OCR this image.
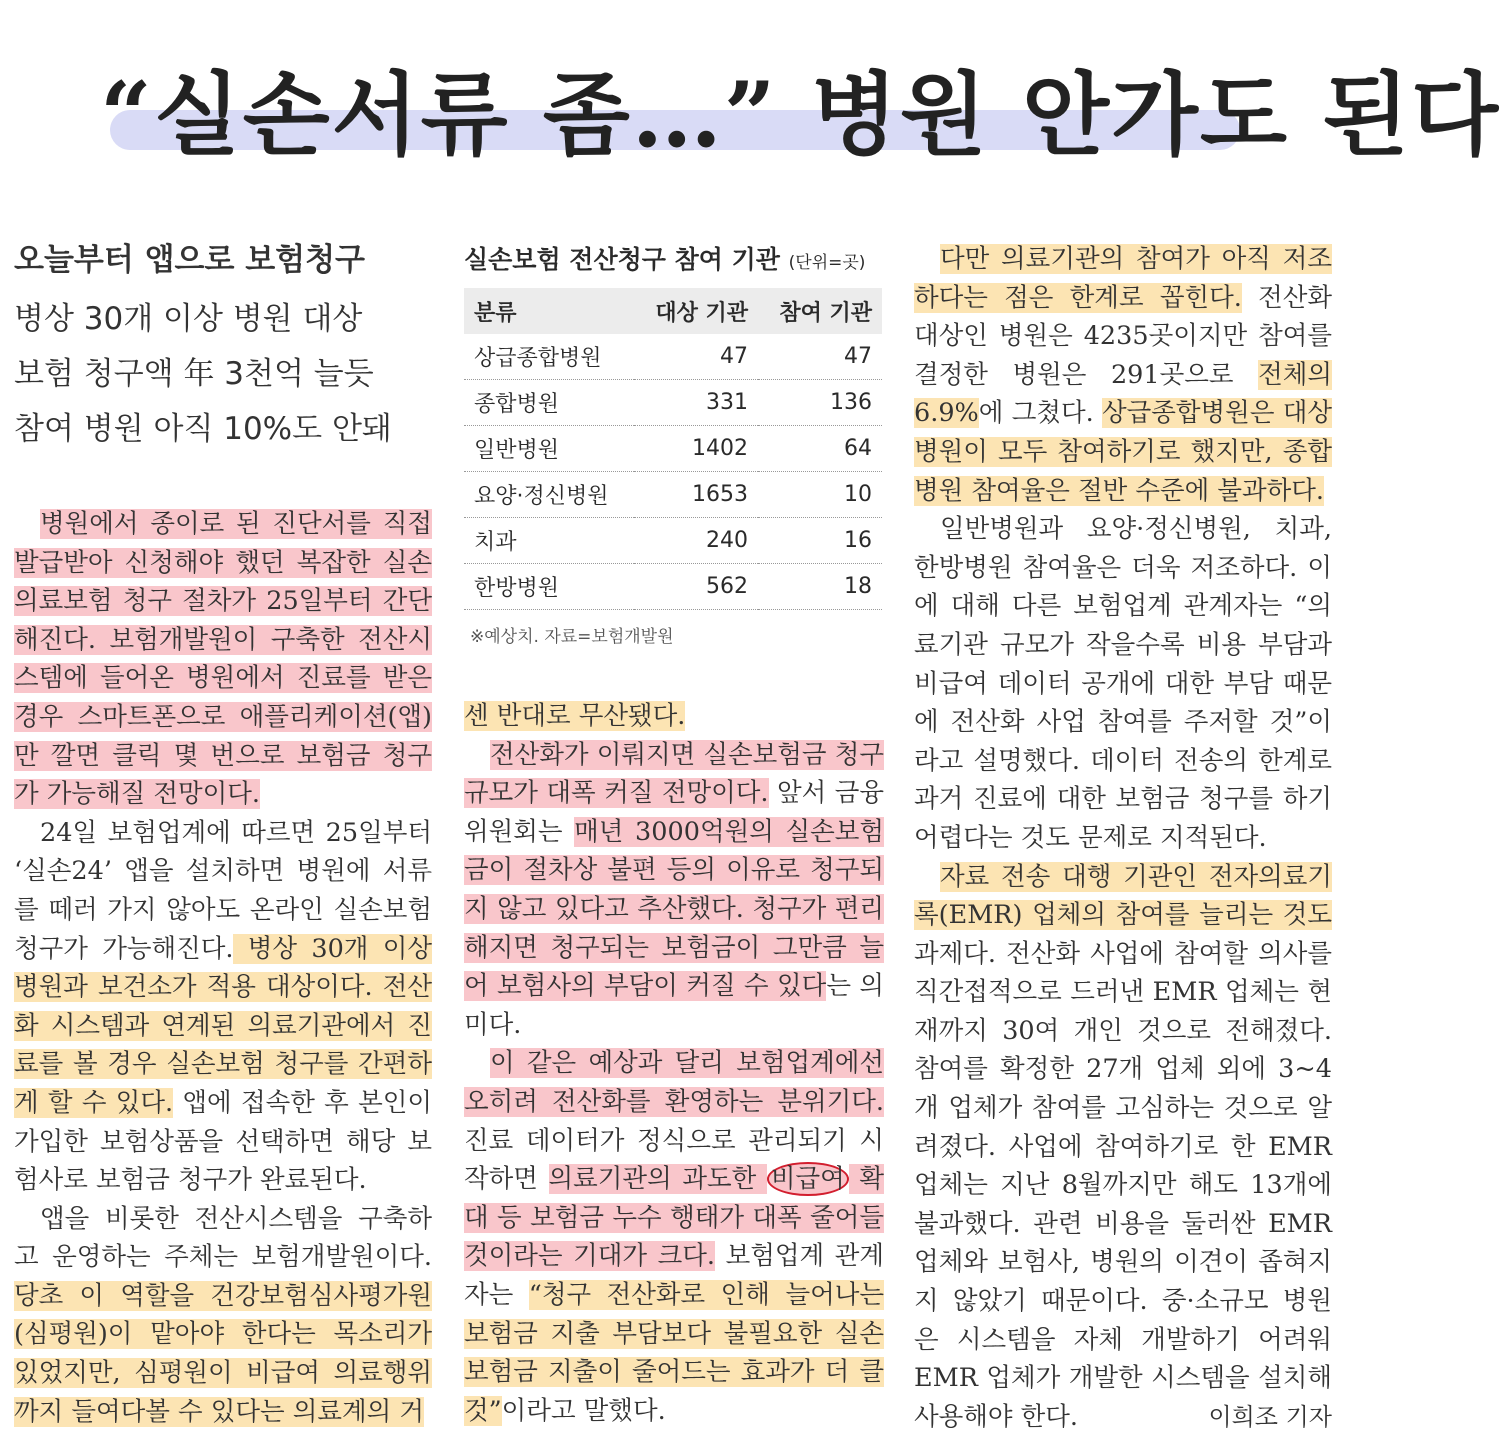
“실손서류 좀…” 병원 안가도 된다

오늘부터 앱으로 보험청구

병상 30개 이상 병원 대상

보험 청구액 年 3천억 늘듯

참여 병원 아직 10%도 안돼

병원에서 종이로 된 진단서를 직접 발급받아 신청해야 했던 복잡한 실손의료보험 청구 절차가 25일부터 간단해진다. 보험개발원이 구축한 전산시스템에 들어온 병원에서 진료를 받은 경우 스마트폰으로 애플리케이션(앱)만 깔면 클릭 몇 번으로 보험금 청구가 가능해질 전망이다.

24일 보험업계에 따르면 25일부터 ‘실손24’ 앱을 설치하면 병원에 서류를 떼러 가지 않아도 온라인 실손보험 청구가 가능해진다. 병상 30개 이상 병원과 보건소가 적용 대상이다. 전산화 시스템과 연계된 의료기관에서 진료를 볼 경우 실손보험 청구를 간편하게 할 수 있다. 앱에 접속한 후 본인이 가입한 보험상품을 선택하면 해당 보험사로 보험금 청구가 완료된다.

앱을 비롯한 전산시스템을 구축하고 운영하는 주체는 보험개발원이다. 당초 이 역할을 건강보험심사평가원(심평원)이 맡아야 한다는 목소리가 있었지만, 심평원이 비급여 의료행위까지 들여다볼 수 있다는 의료계의 거

실손보험 전산청구 참여 기관 (단위=곳)

분류	대상 기관	참여 기관
상급종합병원	47	47
종합병원	331	136
일반병원	1402	64
요양·정신병원	1653	10
치과	240	16
한방병원	562	18

※예상치. 자료=보험개발원

센 반대로 무산됐다.

전산화가 이뤄지면 실손보험금 청구 규모가 대폭 커질 전망이다. 앞서 금융위원회는 매년 3000억원의 실손보험금이 절차상 불편 등의 이유로 청구되지 않고 있다고 추산했다. 청구가 편리해지면 청구되는 보험금이 그만큼 늘어 보험사의 부담이 커질 수 있다는 의미다.

이 같은 예상과 달리 보험업계에선 오히려 전산화를 환영하는 분위기다. 진료 데이터가 정식으로 관리되기 시작하면 의료기관의 과도한 비급여 확대 등 보험금 누수 행태가 대폭 줄어들 것이라는 기대가 크다. 보험업계 관계자는 “청구 전산화로 인해 늘어나는 보험금 지출 부담보다 불필요한 실손보험금 지출이 줄어드는 효과가 더 클 것”이라고 말했다.

다만 의료기관의 참여가 아직 저조하다는 점은 한계로 꼽힌다. 전산화 대상인 병원은 4235곳이지만 참여를 결정한 병원은 291곳으로 전체의 6.9%에 그쳤다. 상급종합병원은 대상 병원이 모두 참여하기로 했지만, 종합병원 참여율은 절반 수준에 불과하다.

일반병원과 요양·정신병원, 치과, 한방병원 참여율은 더욱 저조하다. 이에 대해 다른 보험업계 관계자는 “의료기관 규모가 작을수록 비용 부담과 비급여 데이터 공개에 대한 부담 때문에 전산화 사업 참여를 주저할 것”이라고 설명했다. 데이터 전송의 한계로 과거 진료에 대한 보험금 청구를 하기 어렵다는 것도 문제로 지적된다.

자료 전송 대행 기관인 전자의료기록(EMR) 업체의 참여를 늘리는 것도 과제다. 전산화 사업에 참여할 의사를 직간접적으로 드러낸 EMR 업체는 현재까지 30여 개인 것으로 전해졌다. 참여를 확정한 27개 업체 외에 3~4개 업체가 참여를 고심하는 것으로 알려졌다. 사업에 참여하기로 한 EMR 업체는 지난 8월까지만 해도 13개에 불과했다. 관련 비용을 둘러싼 EMR 업체와 보험사, 병원의 이견이 좁혀지지 않았기 때문이다. 중·소규모 병원은 시스템을 자체 개발하기 어려워 EMR 업체가 개발한 시스템을 설치해 사용해야 한다.	이희조 기자
